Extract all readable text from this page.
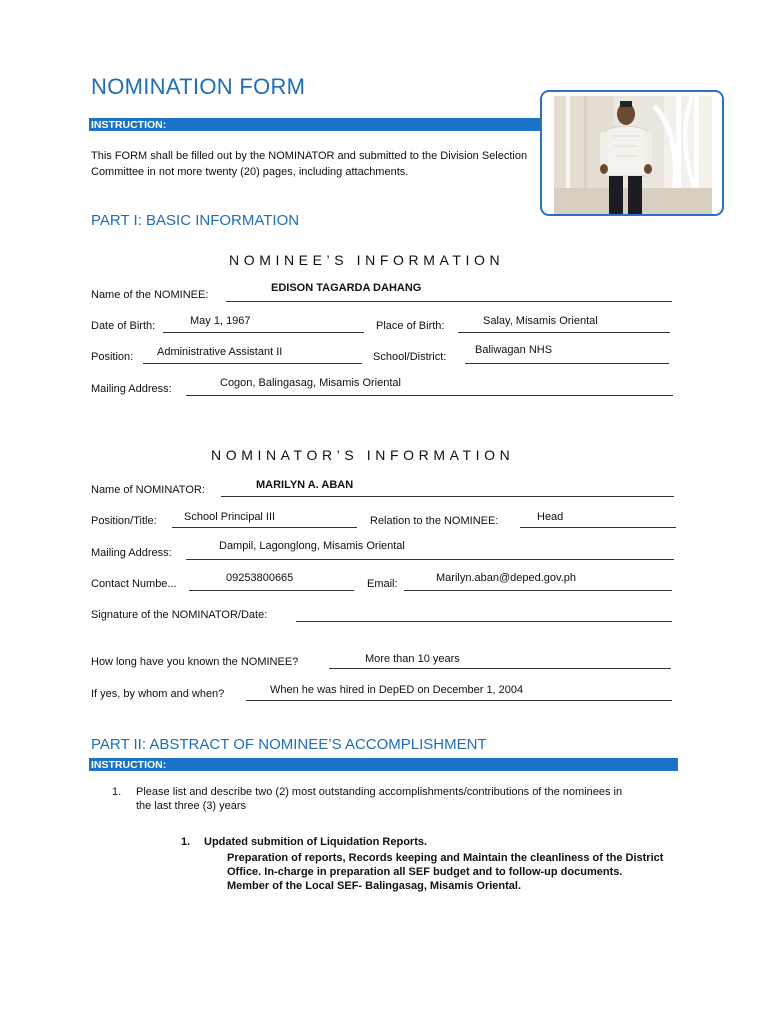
NOMINATION FORM
INSTRUCTION:
This FORM shall be filled out by the NOMINATOR and submitted to the Division Selection Committee in not more twenty (20) pages, including attachments.
PART I: BASIC INFORMATION
NOMINEE’S INFORMATION
Name of the NOMINEE:
EDISON TAGARDA DAHANG
Date of Birth:	May 1, 1967	Place of Birth:	Salay, Misamis Oriental
Position: Administrative Assistant II	School/District:
Baliwagan NHS
Mailing Address:	Cogon, Balingasag, Misamis Oriental
NOMINATOR’S INFORMATION
Name of NOMINATOR:	MARILYN A. ABAN
Position/Title: School Principal III	Relation to the NOMINEE:	Head
Mailing Address:
Dampil, Lagonglong, Misamis Oriental
Contact Numbe...	09253800665	Email:	Marilyn.aban@deped.gov.ph
Signature of the NOMINATOR/Date:
How long have you known the NOMINEE?	More than 10 years
If yes, by whom and when?	When he was hired in DepED on December 1, 2004
PART II: ABSTRACT OF NOMINEE’S ACCOMPLISHMENT
INSTRUCTION:
1. Please list and describe two (2) most outstanding accomplishments/contributions of the nominees in the last three (3) years
1. Updated submition of Liquidation Reports.
Preparation of reports, Records keeping and Maintain the cleanliness of the District Office. In-charge in preparation all SEF budget and to follow-up documents. Member of the Local SEF- Balingasag, Misamis Oriental.
